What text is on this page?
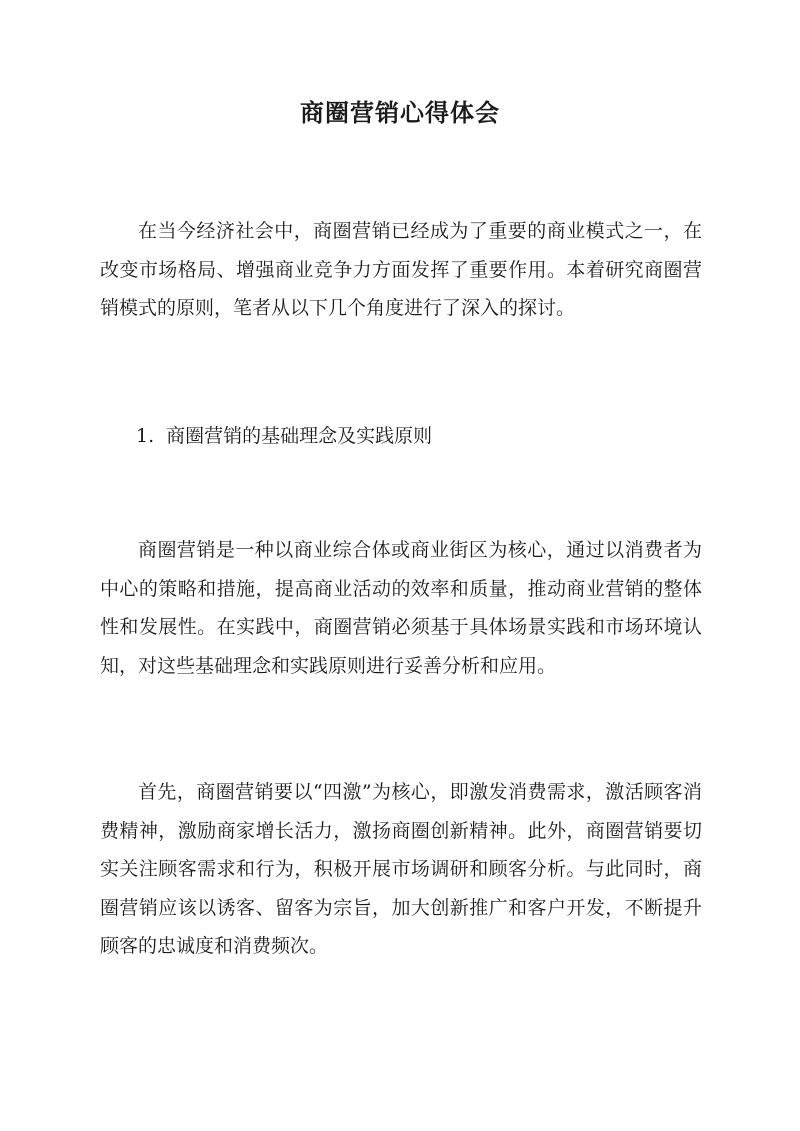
商圈营销心得体会

在当今经济社会中，商圈营销已经成为了重要的商业模式之一，在改变市场格局、增强商业竞争力方面发挥了重要作用。本着研究商圈营销模式的原则，笔者从以下几个角度进行了深入的探讨。

1. 商圈营销的基础理念及实践原则

商圈营销是一种以商业综合体或商业街区为核心，通过以消费者为中心的策略和措施，提高商业活动的效率和质量，推动商业营销的整体性和发展性。在实践中，商圈营销必须基于具体场景实践和市场环境认知，对这些基础理念和实践原则进行妥善分析和应用。

首先，商圈营销要以“四激”为核心，即激发消费需求，激活顾客消费精神，激励商家增长活力，激扬商圈创新精神。此外，商圈营销要切实关注顾客需求和行为，积极开展市场调研和顾客分析。与此同时，商圈营销应该以诱客、留客为宗旨，加大创新推广和客户开发，不断提升顾客的忠诚度和消费频次。
